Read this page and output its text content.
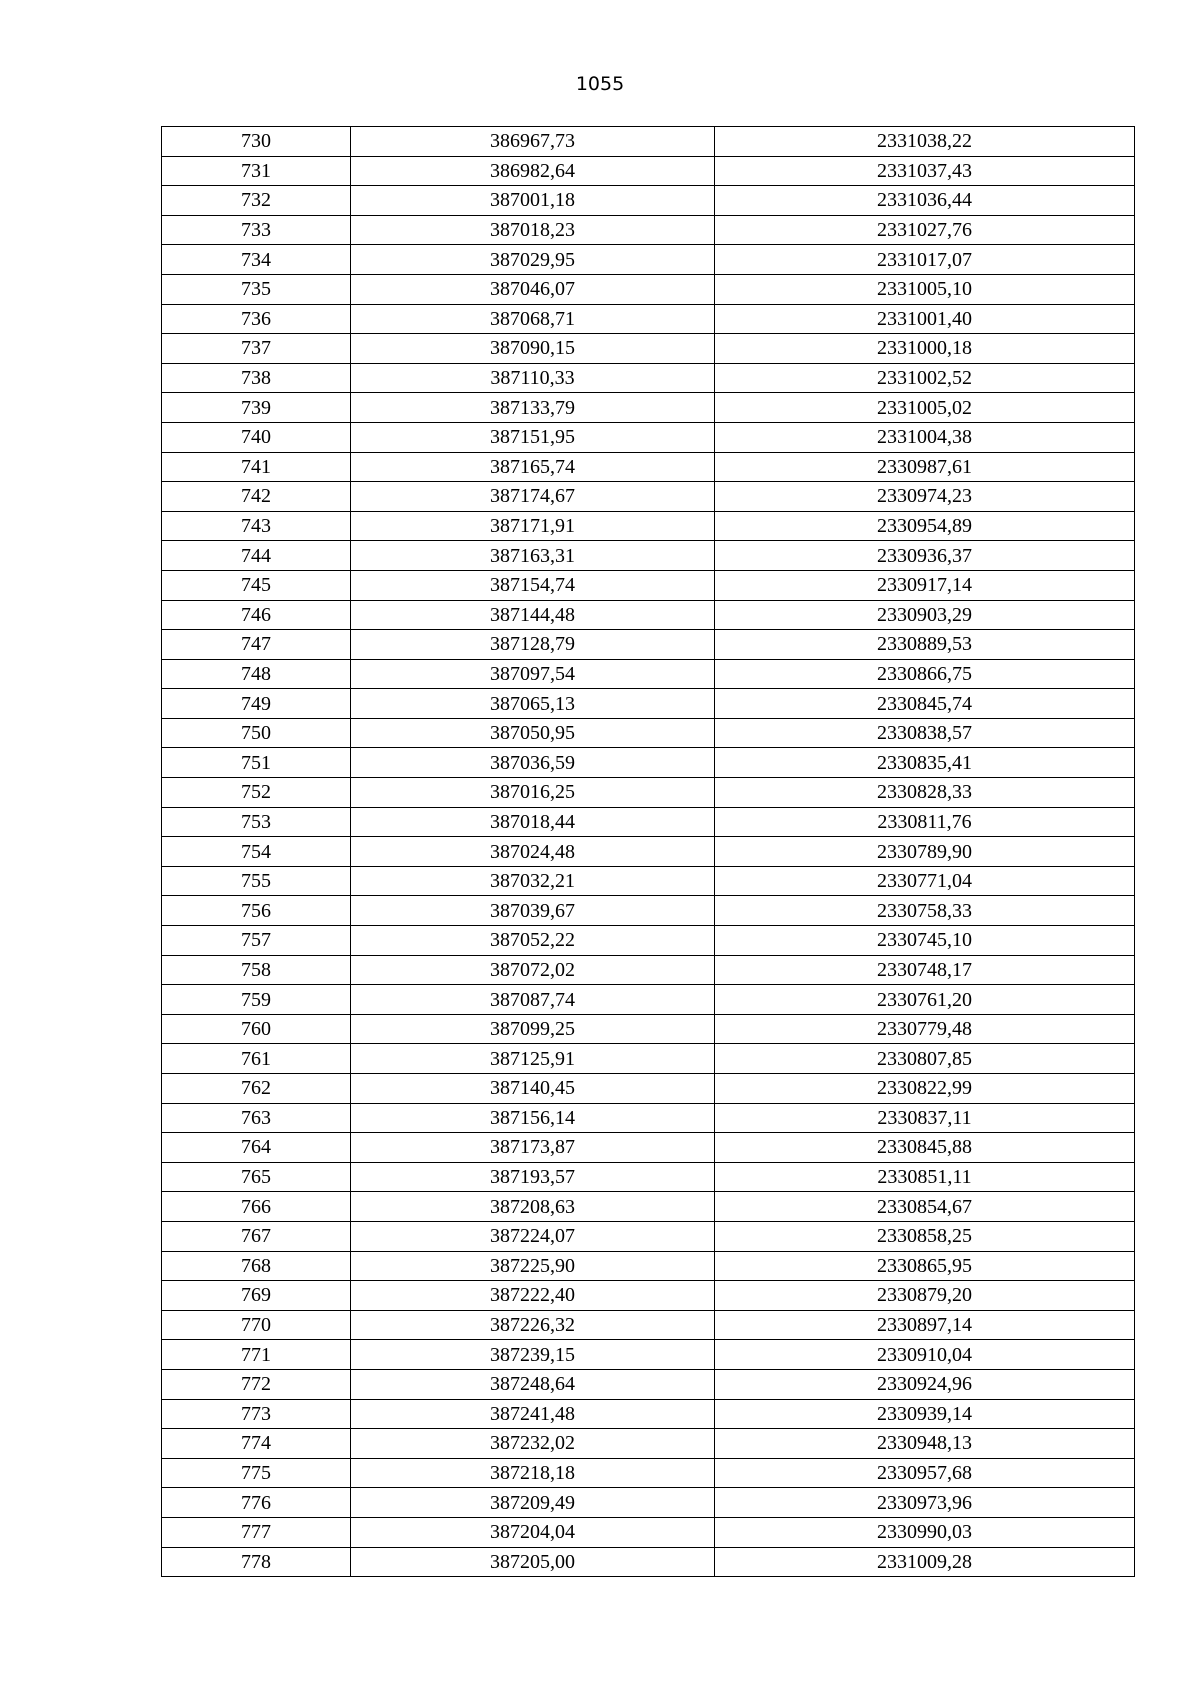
1055
730	386967,73	2331038,22
731	386982,64	2331037,43
732	387001,18	2331036,44
733	387018,23	2331027,76
734	387029,95	2331017,07
735	387046,07	2331005,10
736	387068,71	2331001,40
737	387090,15	2331000,18
738	387110,33	2331002,52
739	387133,79	2331005,02
740	387151,95	2331004,38
741	387165,74	2330987,61
742	387174,67	2330974,23
743	387171,91	2330954,89
744	387163,31	2330936,37
745	387154,74	2330917,14
746	387144,48	2330903,29
747	387128,79	2330889,53
748	387097,54	2330866,75
749	387065,13	2330845,74
750	387050,95	2330838,57
751	387036,59	2330835,41
752	387016,25	2330828,33
753	387018,44	2330811,76
754	387024,48	2330789,90
755	387032,21	2330771,04
756	387039,67	2330758,33
757	387052,22	2330745,10
758	387072,02	2330748,17
759	387087,74	2330761,20
760	387099,25	2330779,48
761	387125,91	2330807,85
762	387140,45	2330822,99
763	387156,14	2330837,11
764	387173,87	2330845,88
765	387193,57	2330851,11
766	387208,63	2330854,67
767	387224,07	2330858,25
768	387225,90	2330865,95
769	387222,40	2330879,20
770	387226,32	2330897,14
771	387239,15	2330910,04
772	387248,64	2330924,96
773	387241,48	2330939,14
774	387232,02	2330948,13
775	387218,18	2330957,68
776	387209,49	2330973,96
777	387204,04	2330990,03
778	387205,00	2331009,28
